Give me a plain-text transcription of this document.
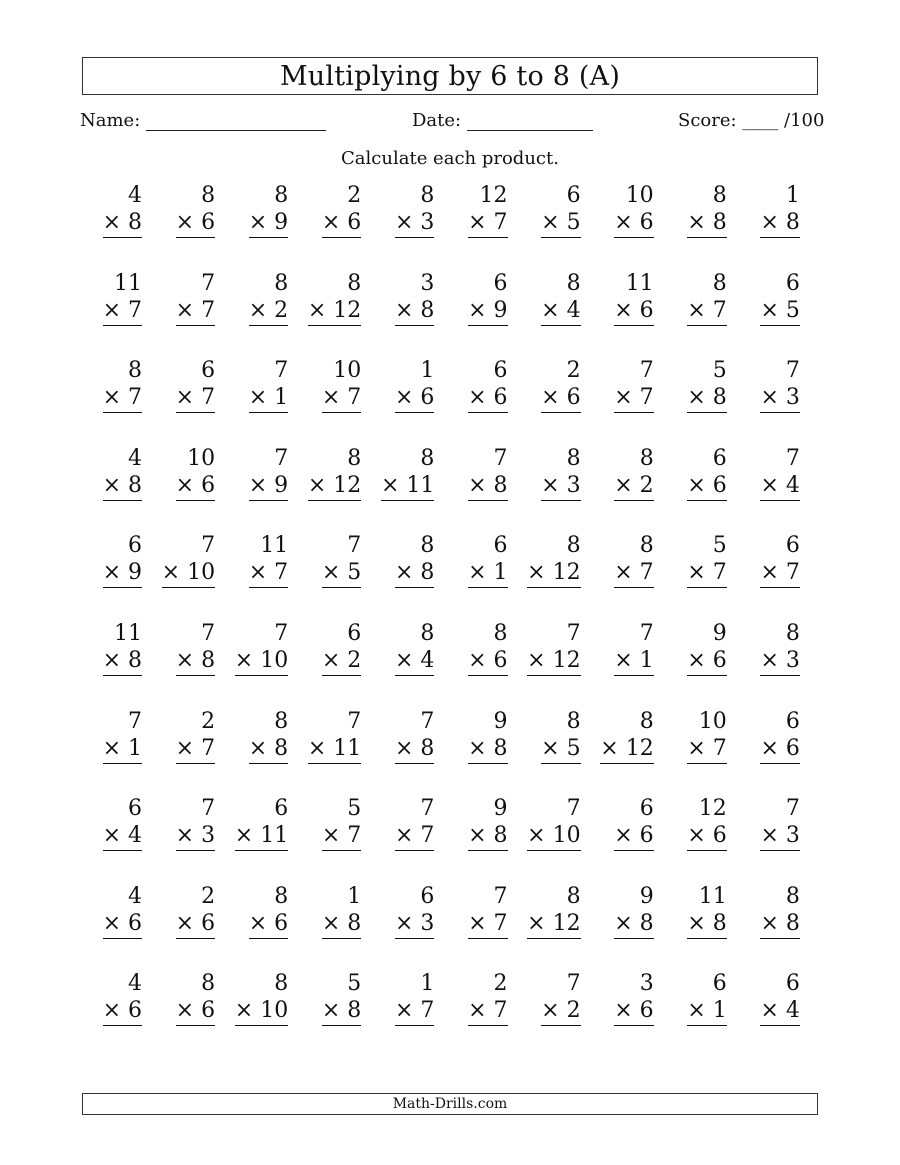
Multiplying by 6 to 8 (A)
Name:	Date:	Score: ____ /100
Calculate each product.
4
× 8
8
× 6
8
× 9
2
× 6
8
× 3
12
× 7
6
× 5
10
× 6
8
× 8
1
× 8
11
× 7
7
× 7
8
× 2
8
× 12
3
× 8
6
× 9
8
× 4
11
× 6
8
× 7
6
× 5
8
× 7
6
× 7
7
× 1
10
× 7
1
× 6
6
× 6
2
× 6
7
× 7
5
× 8
7
× 3
4
× 8
10
× 6
7
× 9
8
× 12
8
× 11
7
× 8
8
× 3
8
× 2
6
× 6
7
× 4
6
× 9
7
× 10
11
× 7
7
× 5
8
× 8
6
× 1
8
× 12
8
× 7
5
× 7
6
× 7
11
× 8
7
× 8
7
× 10
6
× 2
8
× 4
8
× 6
7
× 12
7
× 1
9
× 6
8
× 3
7
× 1
2
× 7
8
× 8
7
× 11
7
× 8
9
× 8
8
× 5
8
× 12
10
× 7
6
× 6
6
× 4
7
× 3
6
× 11
5
× 7
7
× 7
9
× 8
7
× 10
6
× 6
12
× 6
7
× 3
4
× 6
2
× 6
8
× 6
1
× 8
6
× 3
7
× 7
8
× 12
9
× 8
11
× 8
8
× 8
4
× 6
8
× 6
8
× 10
5
× 8
1
× 7
2
× 7
7
× 2
3
× 6
6
× 1
6
× 4
Math-Drills.com
